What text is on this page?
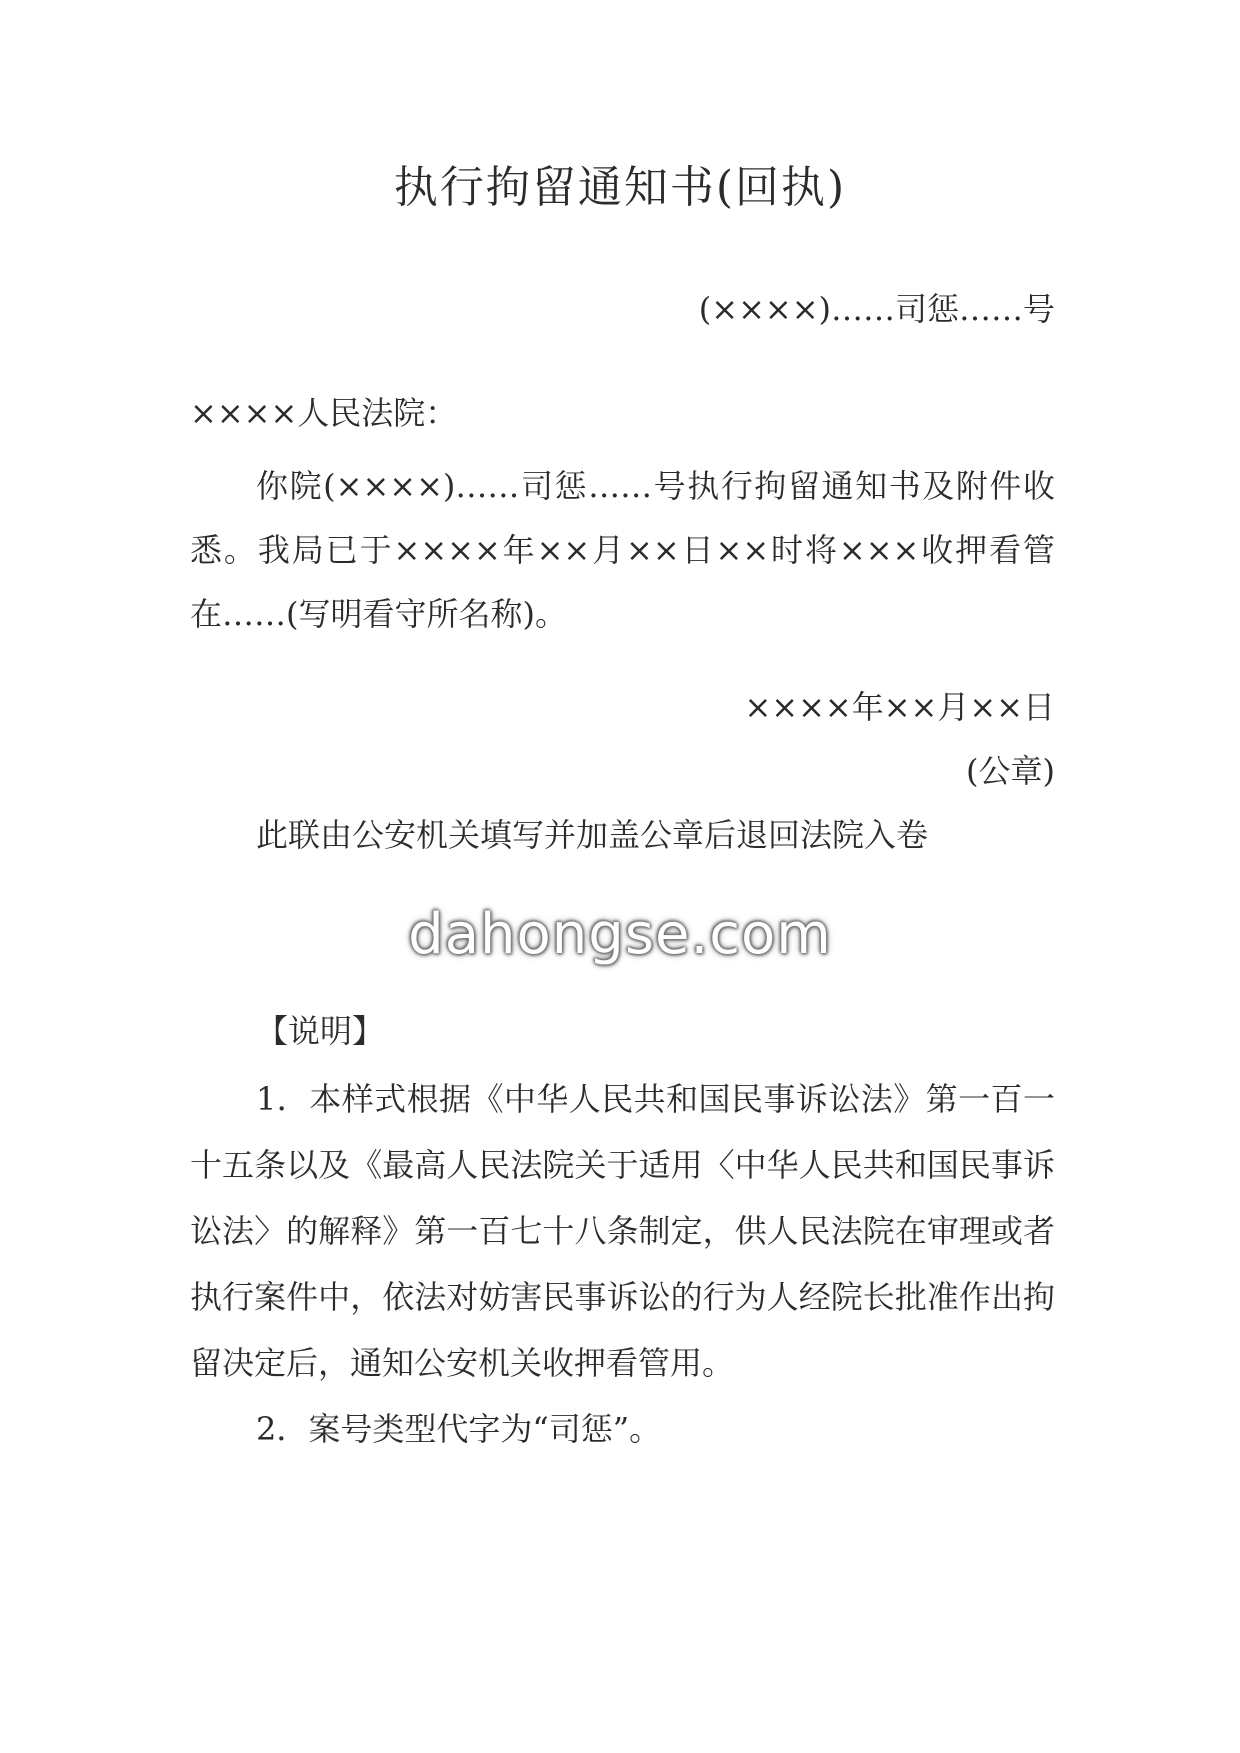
执行拘留通知书(回执)
(××××)……司惩……号
××××人民法院：

你院(××××)……司惩……号执行拘留通知书及附件收悉。我局已于××××年××月××日××时将×××收押看管在……(写明看守所名称)。

××××年××月××日
(公章)
此联由公安机关填写并加盖公章后退回法院入卷
dahongse.com
【说明】

1．本样式根据《中华人民共和国民事诉讼法》第一百一十五条以及《最高人民法院关于适用〈中华人民共和国民事诉讼法〉的解释》第一百七十八条制定，供人民法院在审理或者执行案件中，依法对妨害民事诉讼的行为人经院长批准作出拘留决定后，通知公安机关收押看管用。

2．案号类型代字为“司惩”。
